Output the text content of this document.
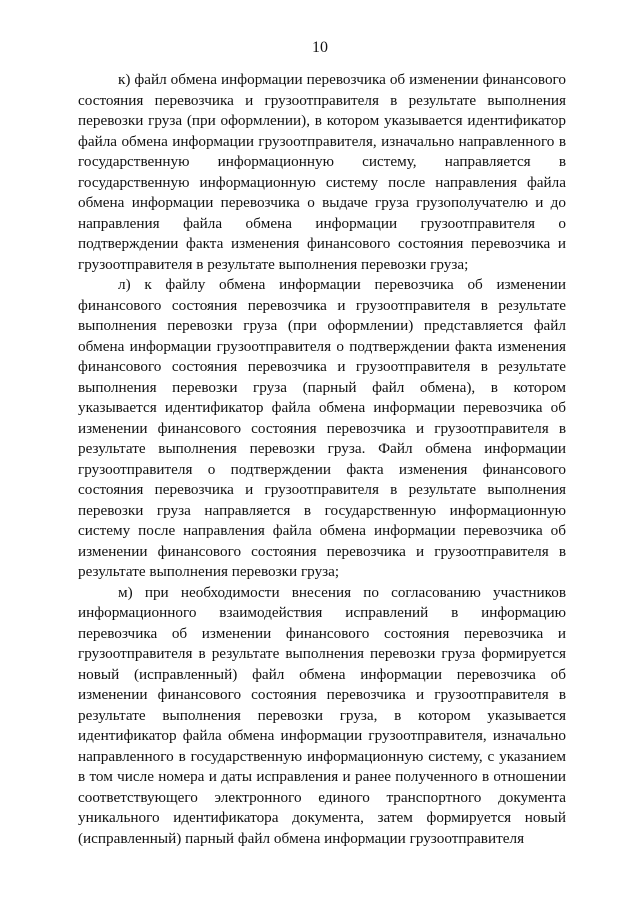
10

к) файл обмена информации перевозчика об изменении финансового состояния перевозчика и грузоотправителя в результате выполнения перевозки груза (при оформлении), в котором указывается идентификатор файла обмена информации грузоотправителя, изначально направленного в государственную информационную систему, направляется в государственную информационную систему после направления файла обмена информации перевозчика о выдаче груза грузополучателю и до направления файла обмена информации грузоотправителя о подтверждении факта изменения финансового состояния перевозчика и грузоотправителя в результате выполнения перевозки груза;

л) к файлу обмена информации перевозчика об изменении финансового состояния перевозчика и грузоотправителя в результате выполнения перевозки груза (при оформлении) представляется файл обмена информации грузоотправителя о подтверждении факта изменения финансового состояния перевозчика и грузоотправителя в результате выполнения перевозки груза (парный файл обмена), в котором указывается идентификатор файла обмена информации перевозчика об изменении финансового состояния перевозчика и грузоотправителя в результате выполнения перевозки груза. Файл обмена информации грузоотправителя о подтверждении факта изменения финансового состояния перевозчика и грузоотправителя в результате выполнения перевозки груза направляется в государственную информационную систему после направления файла обмена информации перевозчика об изменении финансового состояния перевозчика и грузоотправителя в результате выполнения перевозки груза;

м) при необходимости внесения по согласованию участников информационного взаимодействия исправлений в информацию перевозчика об изменении финансового состояния перевозчика и грузоотправителя в результате выполнения перевозки груза формируется новый (исправленный) файл обмена информации перевозчика об изменении финансового состояния перевозчика и грузоотправителя в результате выполнения перевозки груза, в котором указывается идентификатор файла обмена информации грузоотправителя, изначально направленного в государственную информационную систему, с указанием в том числе номера и даты исправления и ранее полученного в отношении соответствующего электронного единого транспортного документа уникального идентификатора документа, затем формируется новый (исправленный) парный файл обмена информации грузоотправителя
